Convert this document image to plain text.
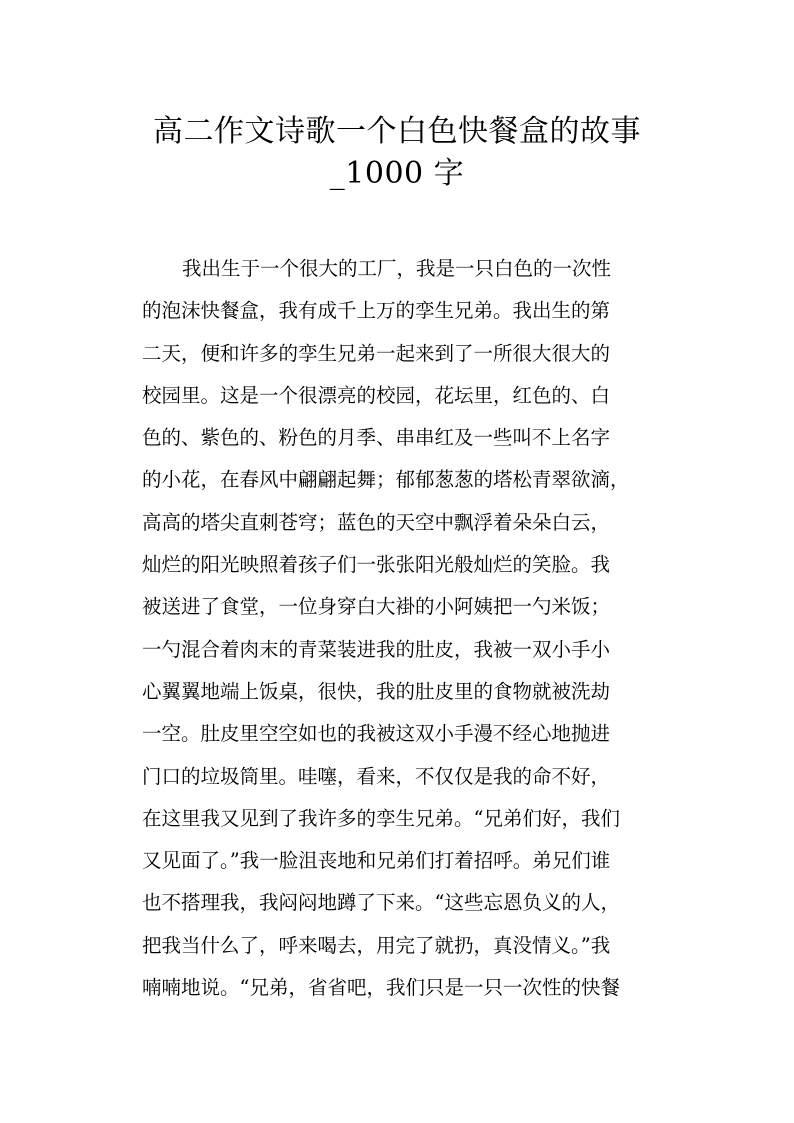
高二作文诗歌一个白色快餐盒的故事
_1000 字
我出生于一个很大的工厂，我是一只白色的一次性
的泡沫快餐盒，我有成千上万的孪生兄弟。我出生的第
二天，便和许多的孪生兄弟一起来到了一所很大很大的
校园里。这是一个很漂亮的校园，花坛里，红色的、白
色的、紫色的、粉色的月季、串串红及一些叫不上名字
的小花，在春风中翩翩起舞；郁郁葱葱的塔松青翠欲滴，
高高的塔尖直刺苍穹；蓝色的天空中飘浮着朵朵白云，
灿烂的阳光映照着孩子们一张张阳光般灿烂的笑脸。我
被送进了食堂，一位身穿白大褂的小阿姨把一勺米饭；
一勺混合着肉末的青菜装进我的肚皮，我被一双小手小
心翼翼地端上饭桌，很快，我的肚皮里的食物就被洗劫
一空。肚皮里空空如也的我被这双小手漫不经心地抛进
门口的垃圾筒里。哇噻，看来，不仅仅是我的命不好，
在这里我又见到了我许多的孪生兄弟。“兄弟们好，我们
又见面了。”我一脸沮丧地和兄弟们打着招呼。弟兄们谁
也不搭理我，我闷闷地蹲了下来。“这些忘恩负义的人，
把我当什么了，呼来喝去，用完了就扔，真没情义。”我
喃喃地说。“兄弟，省省吧，我们只是一只一次性的快餐
